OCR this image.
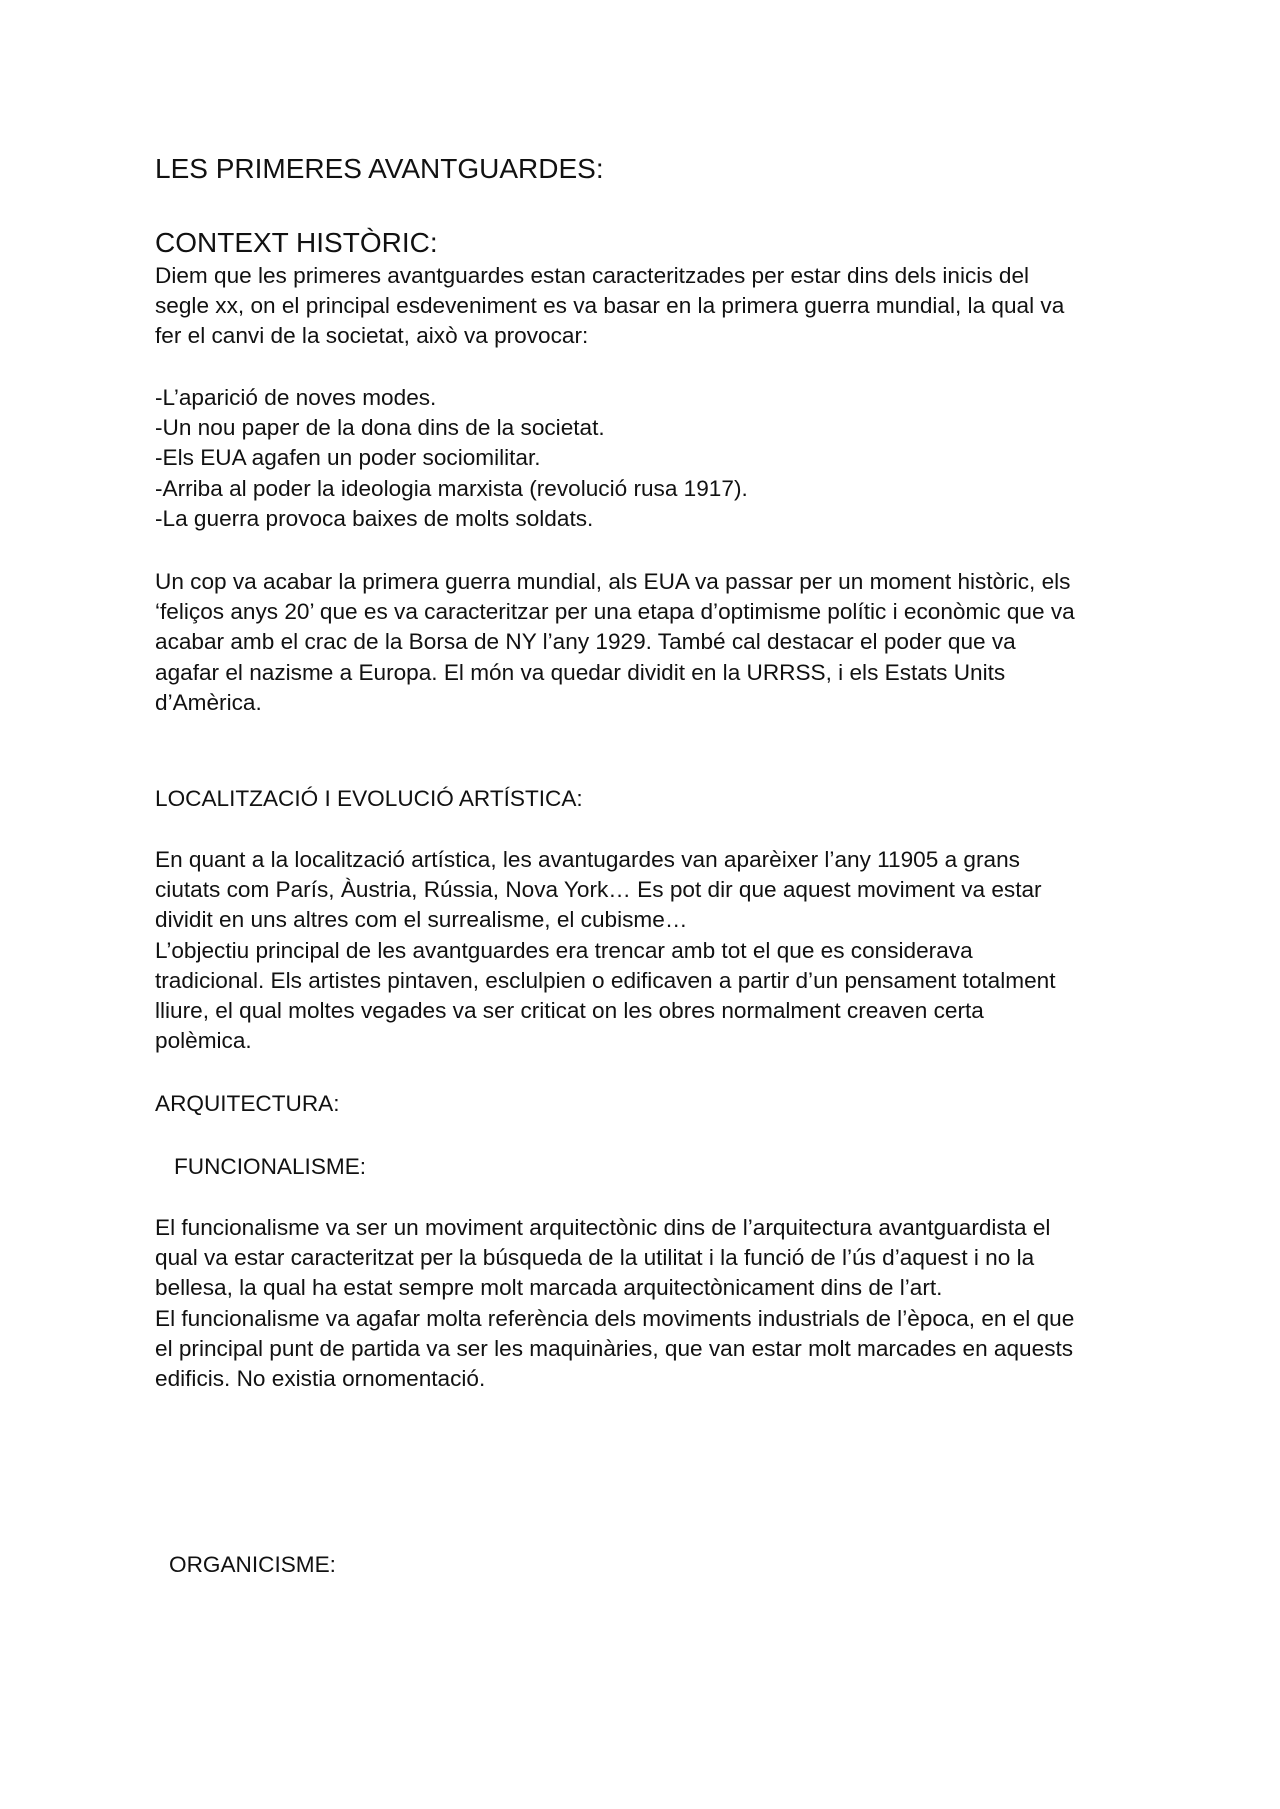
LES PRIMERES AVANTGUARDES:
CONTEXT HISTÒRIC:
Diem que les primeres avantguardes estan caracteritzades per estar dins dels inicis del
segle xx, on el principal esdeveniment es va basar en la primera guerra mundial, la qual va
fer el canvi de la societat, això va provocar:
-L’aparició de noves modes.
-Un nou paper de la dona dins de la societat.
-Els EUA agafen un poder sociomilitar.
-Arriba al poder la ideologia marxista (revolució rusa 1917).
-La guerra provoca baixes de molts soldats.
Un cop va acabar la primera guerra mundial, als EUA va passar per un moment històric, els
‘feliços anys 20’ que es va caracteritzar per una etapa d’optimisme polític i econòmic que va
acabar amb el crac de la Borsa de NY l’any 1929. També cal destacar el poder que va
agafar el nazisme a Europa. El món va quedar dividit en la URRSS, i els Estats Units
d’Amèrica.
LOCALITZACIÓ I EVOLUCIÓ ARTÍSTICA:
En quant a la localització artística, les avantugardes van aparèixer l’any 11905 a grans
ciutats com París, Àustria, Rússia, Nova York… Es pot dir que aquest moviment va estar
dividit en uns altres com el surrealisme, el cubisme…
L’objectiu principal de les avantguardes era trencar amb tot el que es considerava
tradicional. Els artistes pintaven, esclulpien o edificaven a partir d’un pensament totalment
lliure, el qual moltes vegades va ser criticat on les obres normalment creaven certa
polèmica.
ARQUITECTURA:
FUNCIONALISME:
El funcionalisme va ser un moviment arquitectònic dins de l’arquitectura avantguardista el
qual va estar caracteritzat per la búsqueda de la utilitat i la funció de l’ús d’aquest i no la
bellesa, la qual ha estat sempre molt marcada arquitectònicament dins de l’art.
El funcionalisme va agafar molta referència dels moviments industrials de l’època, en el que
el principal punt de partida va ser les maquinàries, que van estar molt marcades en aquests
edificis. No existia ornomentació.
ORGANICISME:
